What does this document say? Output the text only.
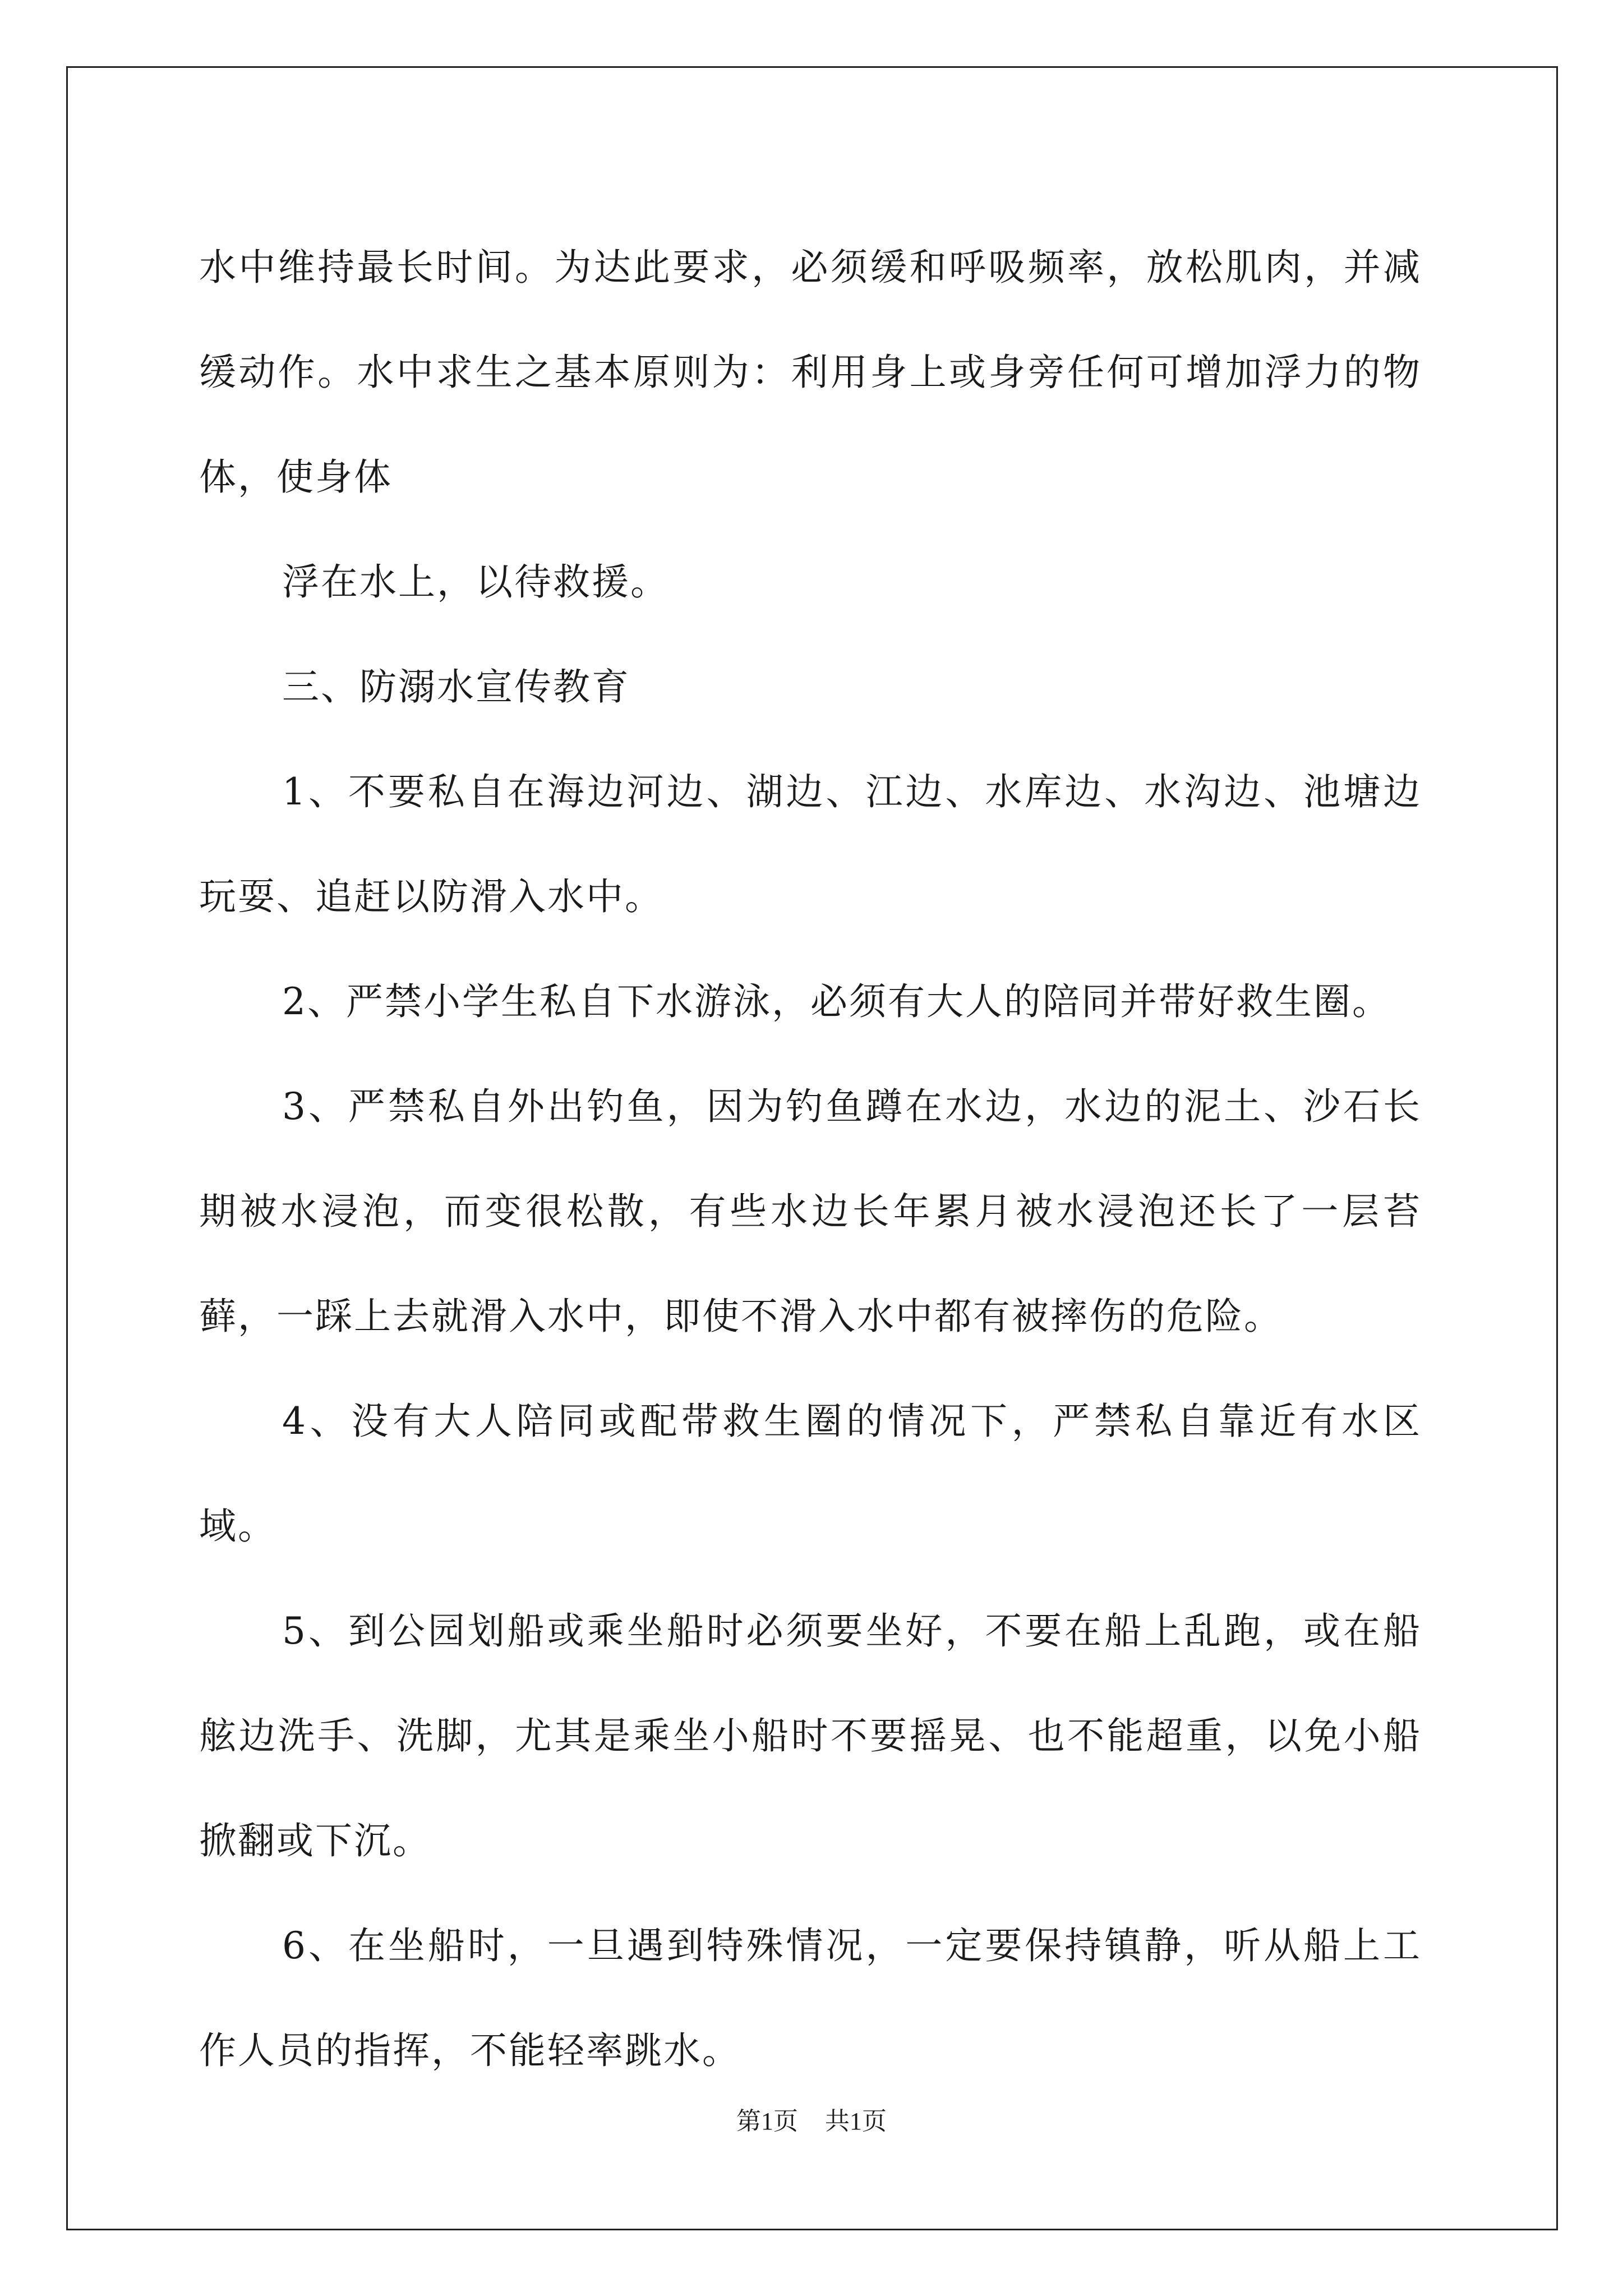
水中维持最长时间。为达此要求，必须缓和呼吸频率，放松肌肉，并减缓动作。水中求生之基本原则为：利用身上或身旁任何可增加浮力的物体，使身体

浮在水上，以待救援。

三、防溺水宣传教育

1、不要私自在海边河边、湖边、江边、水库边、水沟边、池塘边玩耍、追赶以防滑入水中。

2、严禁小学生私自下水游泳，必须有大人的陪同并带好救生圈。

3、严禁私自外出钓鱼，因为钓鱼蹲在水边，水边的泥土、沙石长期被水浸泡，而变很松散，有些水边长年累月被水浸泡还长了一层苔藓，一踩上去就滑入水中，即使不滑入水中都有被摔伤的危险。

4、没有大人陪同或配带救生圈的情况下，严禁私自靠近有水区域。

5、到公园划船或乘坐船时必须要坐好，不要在船上乱跑，或在船舷边洗手、洗脚，尤其是乘坐小船时不要摇晃、也不能超重，以免小船掀翻或下沉。

6、在坐船时，一旦遇到特殊情况，一定要保持镇静，听从船上工作人员的指挥，不能轻率跳水。

第1页 共1页
